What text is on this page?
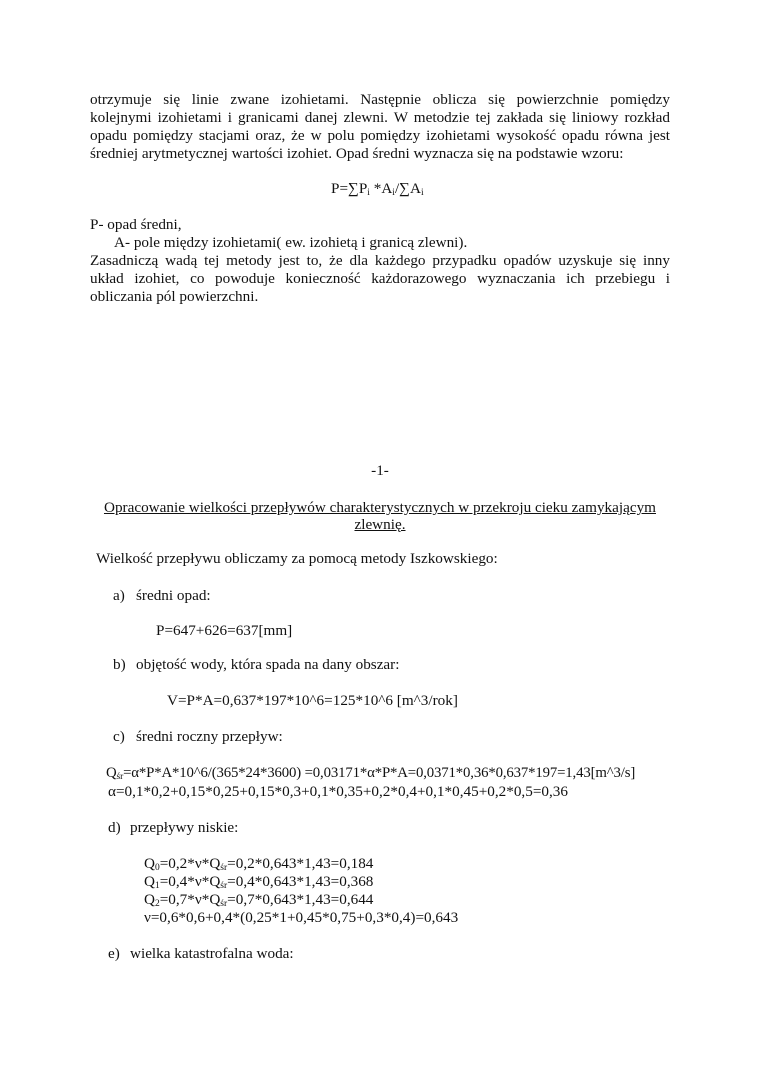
otrzymuje się linie zwane izohietami. Następnie oblicza się powierzchnie pomiędzy
kolejnymi izohietami i granicami danej zlewni. W metodzie tej zakłada się liniowy rozkład
opadu pomiędzy stacjami oraz, że w polu pomiędzy izohietami wysokość opadu równa jest
średniej arytmetycznej wartości izohiet. Opad średni wyznacza się na podstawie wzoru:
$P=\sum P_i$ $*A_i/\sum A_i$
P- opad średni,
A- pole między izohietami( ew. izohietą i granicą zlewni).
Zasadniczą wadą tej metody jest to, że dla każdego przypadku opadów uzyskuje się inny
układ izohiet, co powoduje konieczność każdorazowego wyznaczania ich przebiegu i
obliczania pól powierzchni.
-1-
Opracowanie wielkości przepływów charakterystycznych w przekroju cieku zamykającym
zlewnię.
Wielkość przepływu obliczamy za pomocą metody Iszkowskiego:
a) średni opad:
P=647+626=637[mm]
b) objętość wody, która spada na dany obszar:
V=P*A=0,637*197*10^6=125*10^6 [m^3/rok]
c) średni roczny przepływ:
$Q_{śr}=\alpha*P*A*10\^{}6/(365*24*3600)$ =0,03171*α*P*A=0,0371*0,36*0,637*197=1,43[m^3/s]
α=0,1*0,2+0,15*0,25+0,15*0,3+0,1*0,35+0,2*0,4+0,1*0,45+0,2*0,5=0,36
d) przepływy niskie:
$Q_0=0,2*\nu*Q_{śr}=0,2*0,643*1,43=0,184$
$Q_1=0,4*\nu*Q_{śr}=0,4*0,643*1,43=0,368$
$Q_2=0,7*\nu*Q_{śr}=0,7*0,643*1,43=0,644$
ν=0,6*0,6+0,4*(0,25*1+0,45*0,75+0,3*0,4)=0,643
e) wielka katastrofalna woda:
